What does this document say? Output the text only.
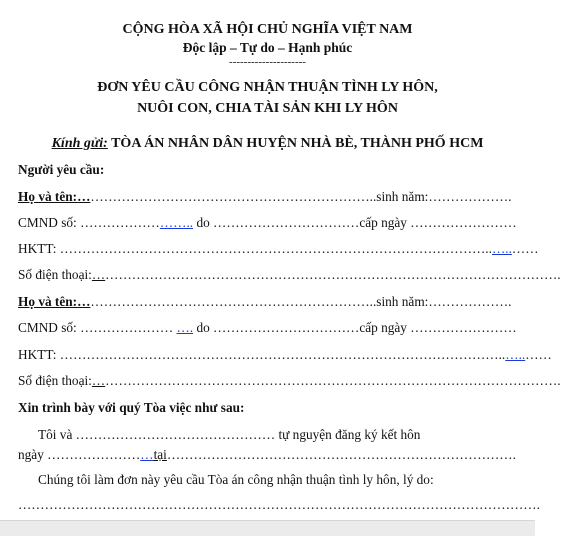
CỘNG HÒA XÃ HỘI CHỦ NGHĨA VIỆT NAM
Độc lập – Tự do – Hạnh phúc
---------------------
ĐƠN YÊU CẦU CÔNG NHẬN THUẬN TÌNH LY HÔN,
NUÔI CON, CHIA TÀI SẢN KHI LY HÔN
Kính gửi: TÒA ÁN NHÂN DÂN HUYỆN NHÀ BÈ, THÀNH PHỐ HCM
Người yêu cầu:
Họ và tên:…………………………………………………………..sinh năm:……………….
CMND số: …………………….. do ……………………………cấp ngày ……………………
HKTT: ……………………………………………………………………………………..…..……
Số điện thoại:…………………………………………………………………………………………….
Họ và tên:…………………………………………………………..sinh năm:……………….
CMND số: ………………… …. do ……………………………cấp ngày ……………………
HKTT: ………………………………………………………………………………………..…..……
Số điện thoại:…………………………………………………………………………………………….
Xin trình bày với quý Tòa việc như sau:
Tôi và ……………………………………… tự nguyện đăng ký kết hôn
ngày ……………………tại…………………………………………………………………….
Chúng tôi làm đơn này yêu cầu Tòa án công nhận thuận tình ly hôn, lý do:
……………………………………………………………………………………………………….
